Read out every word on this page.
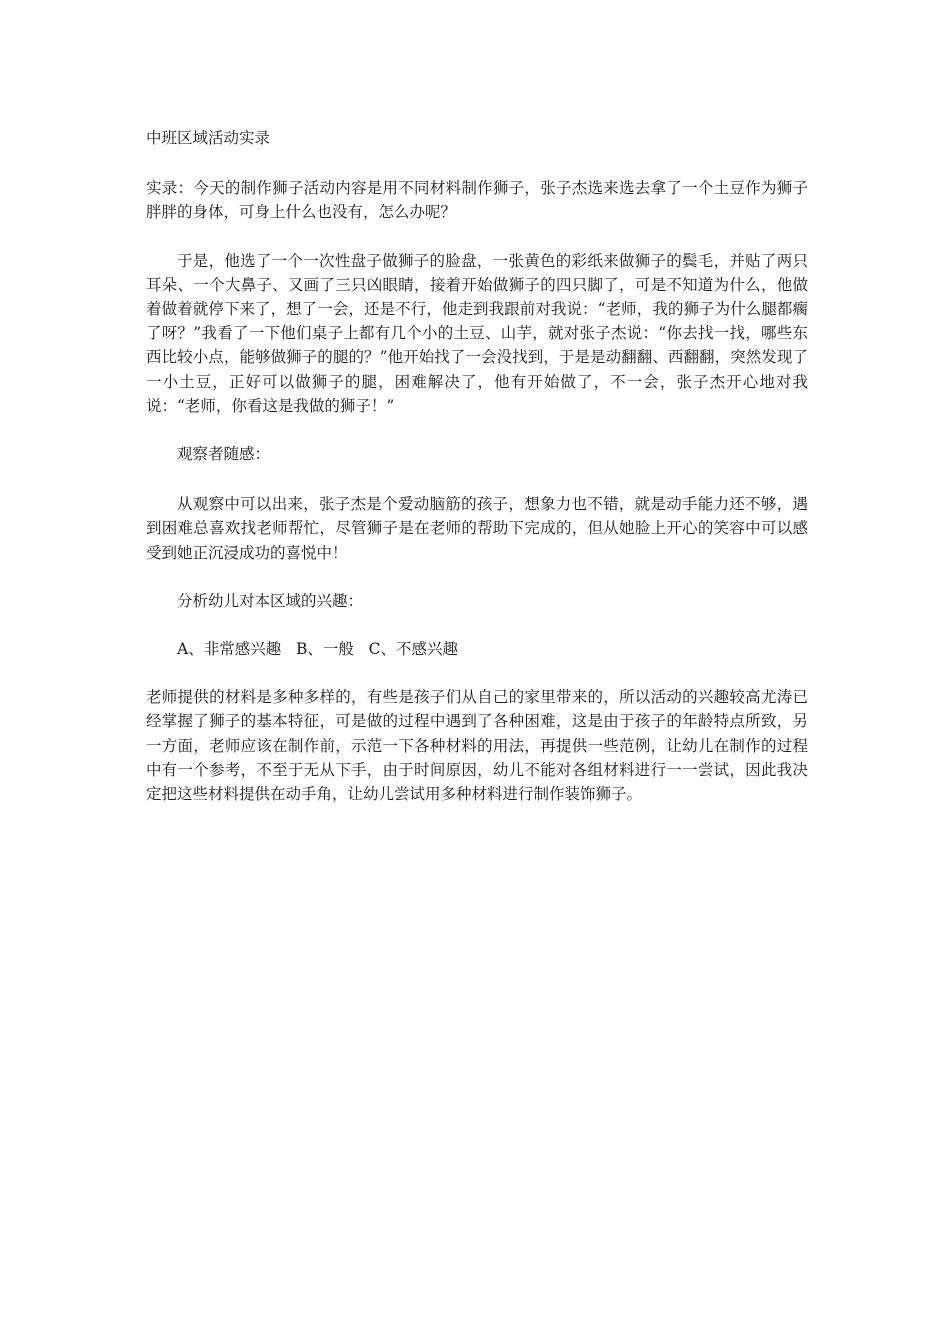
中班区域活动实录

实录：今天的制作狮子活动内容是用不同材料制作狮子，张子杰选来选去拿了一个土豆作为狮子胖胖的身体，可身上什么也没有，怎么办呢？

于是，他选了一个一次性盘子做狮子的脸盘，一张黄色的彩纸来做狮子的鬓毛，并贴了两只耳朵、一个大鼻子、又画了三只凶眼睛，接着开始做狮子的四只脚了，可是不知道为什么，他做着做着就停下来了，想了一会，还是不行，他走到我跟前对我说：“老师，我的狮子为什么腿都瘸了呀？”我看了一下他们桌子上都有几个小的土豆、山芋，就对张子杰说：“你去找一找，哪些东西比较小点，能够做狮子的腿的？”他开始找了一会没找到，于是是动翻翻、西翻翻，突然发现了一小土豆，正好可以做狮子的腿，困难解决了，他有开始做了，不一会，张子杰开心地对我说：“老师，你看这是我做的狮子！”

观察者随感：

从观察中可以出来，张子杰是个爱动脑筋的孩子，想象力也不错，就是动手能力还不够，遇到困难总喜欢找老师帮忙，尽管狮子是在老师的帮助下完成的，但从她脸上开心的笑容中可以感受到她正沉浸成功的喜悦中！

分析幼儿对本区域的兴趣：

A、非常感兴趣   B、一般   C、不感兴趣

老师提供的材料是多种多样的，有些是孩子们从自己的家里带来的，所以活动的兴趣较高尤涛已经掌握了狮子的基本特征，可是做的过程中遇到了各种困难，这是由于孩子的年龄特点所致，另一方面，老师应该在制作前，示范一下各种材料的用法，再提供一些范例，让幼儿在制作的过程中有一个参考，不至于无从下手，由于时间原因，幼儿不能对各组材料进行一一尝试，因此我决定把这些材料提供在动手角，让幼儿尝试用多种材料进行制作装饰狮子。
